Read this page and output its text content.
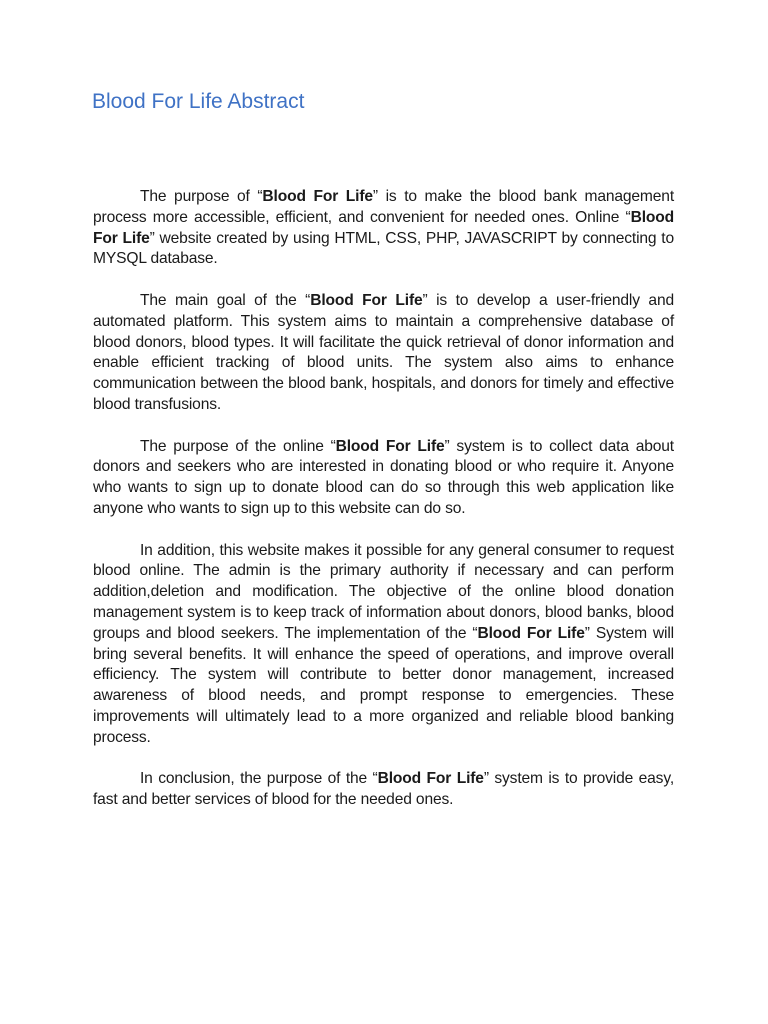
Blood For Life Abstract

The purpose of “Blood For Life” is to make the blood bank management process more accessible, efficient, and convenient for needed ones. Online “Blood For Life” website created by using HTML, CSS, PHP, JAVASCRIPT by connecting to MYSQL database.

The main goal of the “Blood For Life” is to develop a user-friendly and automated platform. This system aims to maintain a comprehensive database of blood donors, blood types. It will facilitate the quick retrieval of donor information and enable efficient tracking of blood units. The system also aims to enhance communication between the blood bank, hospitals, and donors for timely and effective blood transfusions.

The purpose of the online “Blood For Life” system is to collect data about donors and seekers who are interested in donating blood or who require it. Anyone who wants to sign up to donate blood can do so through this web application like anyone who wants to sign up to this website can do so.

In addition, this website makes it possible for any general consumer to request blood online. The admin is the primary authority if necessary and can perform addition,deletion and modification. The objective of the online blood donation management system is to keep track of information about donors, blood banks, blood groups and blood seekers. The implementation of the “Blood For Life” System will bring several benefits. It will enhance the speed of operations, and improve overall efficiency. The system will contribute to better donor management, increased awareness of blood needs, and prompt response to emergencies. These improvements will ultimately lead to a more organized and reliable blood banking process.

In conclusion, the purpose of the “Blood For Life” system is to provide easy, fast and better services of blood for the needed ones.
